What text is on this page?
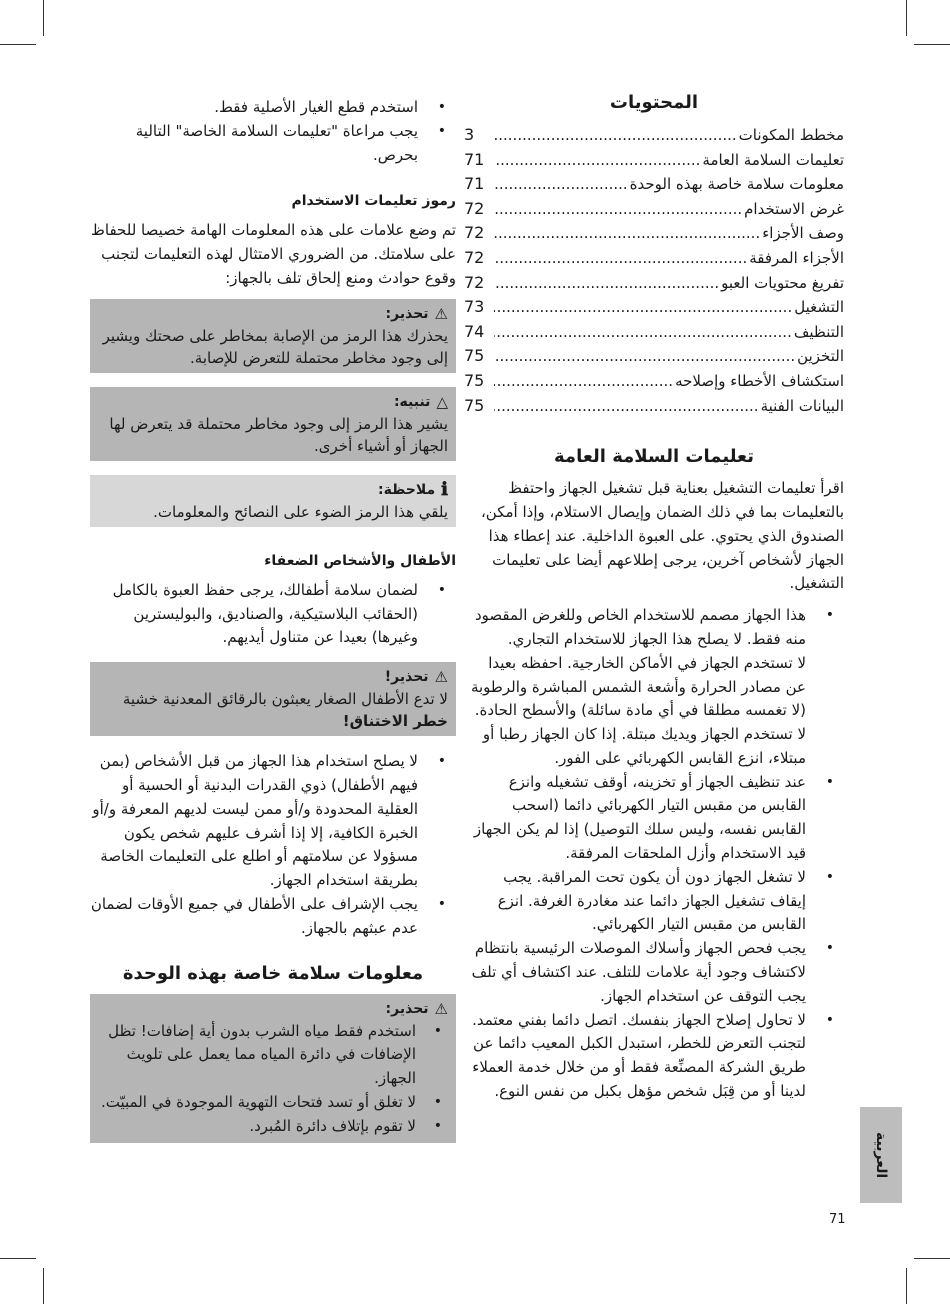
المحتويات
مخطط المكونات
.....
3
تعليمات السلامة العامة
.....
71
معلومات سلامة خاصة بهذه الوحدة
.....
71
غرض الاستخدام
.....
72
وصف الأجزاء
.....
72
الأجزاء المرفقة
.....
72
تفريغ محتويات العبو
.....
72
التشغيل
.....
73
التنظيف
.....
74
التخزين
.....
75
استكشاف الأخطاء وإصلاحه
.....
75
البيانات الفنية
.....
75
تعليمات السلامة العامة

اقرأ تعليمات التشغيل بعناية قبل تشغيل الجهاز واحتفظ بالتعليمات بما في ذلك الضمان وإيصال الاستلام، وإذا أمكن، الصندوق الذي يحتوي. على العبوة الداخلية. عند إعطاء هذا الجهاز لأشخاص آخرين، يرجى إطلاعهم أيضا على تعليمات التشغيل.

• هذا الجهاز مصمم للاستخدام الخاص وللغرض المقصود منه فقط. لا يصلح هذا الجهاز للاستخدام التجاري.

لا تستخدم الجهاز في الأماكن الخارجية. احفظه بعيدا عن مصادر الحرارة وأشعة الشمس المباشرة والرطوبة (لا تغمسه مطلقا في أي مادة سائلة) والأسطح الحادة. لا تستخدم الجهاز ويديك مبتلة. إذا كان الجهاز رطبا أو مبتلاء، انزع القابس الكهربائي على الفور.

• عند تنظيف الجهاز أو تخزينه، أوقف تشغيله وانزع القابس من مقبس التيار الكهربائي دائما (اسحب القابس نفسه، وليس سلك التوصيل) إذا لم يكن الجهاز قيد الاستخدام وأزل الملحقات المرفقة.
• لا تشغل الجهاز دون أن يكون تحت المراقبة. يجب إيقاف تشغيل الجهاز دائما عند مغادرة الغرفة. انزع القابس من مقبس التيار الكهربائي.
• يجب فحص الجهاز وأسلاك الموصلات الرئيسية بانتظام لاكتشاف وجود أية علامات للتلف. عند اكتشاف أي تلف يجب التوقف عن استخدام الجهاز.
• لا تحاول إصلاح الجهاز بنفسك. اتصل دائما بفني معتمد. لتجنب التعرض للخطر، استبدل الكبل المعيب دائما عن طريق الشركة المصنِّعة فقط أو من خلال خدمة العملاء لدينا أو من قِبَل شخص مؤهل بكبل من نفس النوع.
• استخدم قطع الغيار الأصلية فقط.
• يجب مراعاة "تعليمات السلامة الخاصة" التالية بحرص.
رموز تعليمات الاستخدام

تم وضع علامات على هذه المعلومات الهامة خصيصا للحفاظ على سلامتك. من الضروري الامتثال لهذه التعليمات لتجنب وقوع حوادث ومنع إلحاق تلف بالجهاز:

⚠
تحذير:

يحذرك هذا الرمز من الإصابة بمخاطر على صحتك ويشير إلى وجود مخاطر محتملة للتعرض للإصابة.

△
تنبيه:

يشير هذا الرمز إلى وجود مخاطر محتملة قد يتعرض لها الجهاز أو أشياء أخرى.

ℹ
ملاحظة:

يلقي هذا الرمز الضوء على النصائح والمعلومات.

الأطفال والأشخاص الضعفاء
• لضمان سلامة أطفالك، يرجى حفظ العبوة بالكامل (الحقائب البلاستيكية، والصناديق، والبوليسترين وغيرها) بعيدا عن متناول أيديهم.
⚠
تحذير!

لا تدع الأطفال الصغار يعبثون بالرقائق المعدنية خشية خطر الاختناق!

• لا يصلح استخدام هذا الجهاز من قبل الأشخاص (بمن فيهم الأطفال) ذوي القدرات البدنية أو الحسية أو العقلية المحدودة و/أو ممن ليست لديهم المعرفة و/أو الخبرة الكافية، إلا إذا أشرف عليهم شخص يكون مسؤولا عن سلامتهم أو اطلع على التعليمات الخاصة بطريقة استخدام الجهاز.
• يجب الإشراف على الأطفال في جميع الأوقات لضمان عدم عبثهم بالجهاز.
معلومات سلامة خاصة بهذه الوحدة
⚠
تحذير:
• استخدم فقط مياه الشرب بدون أية إضافات! تظل الإضافات في دائرة المياه مما يعمل على تلويث الجهاز.
• لا تغلق أو تسد فتحات التهوية الموجودة في المبيّت.
• لا تقوم بإتلاف دائرة المُبرد.
العربية
71
